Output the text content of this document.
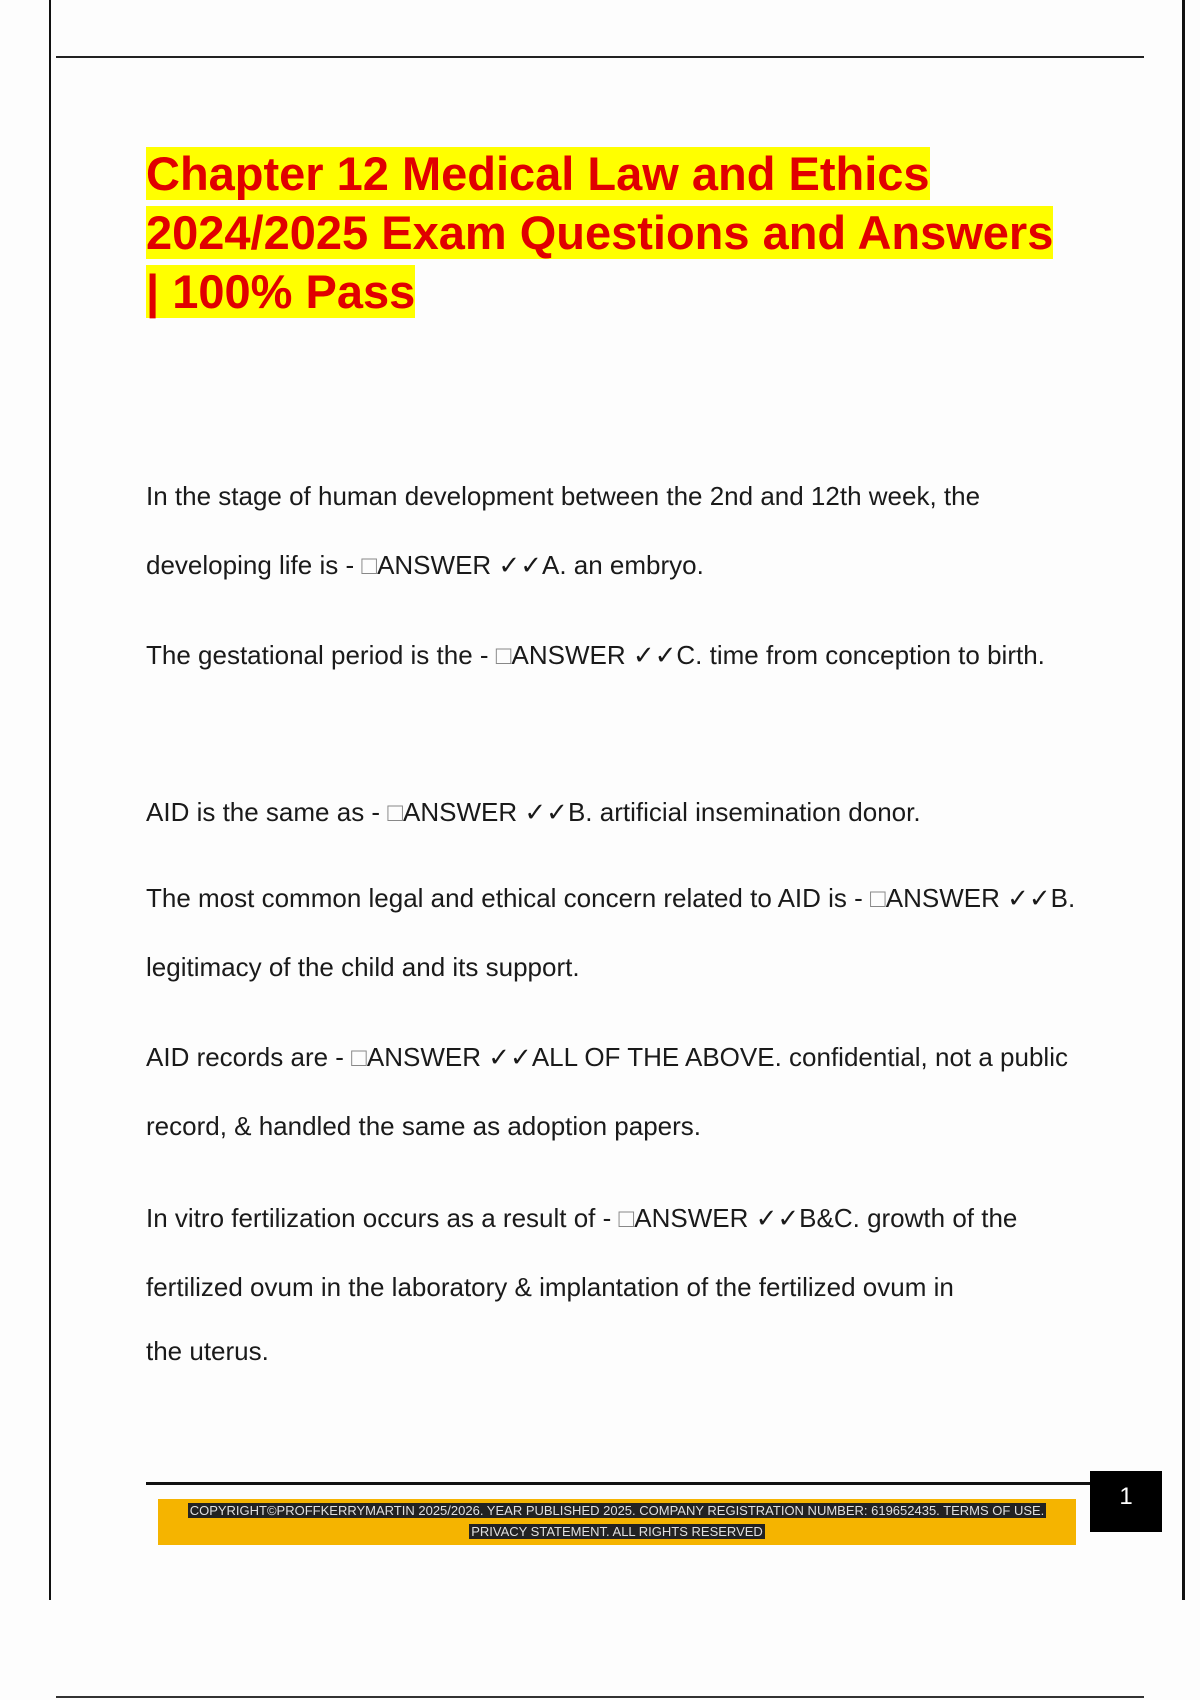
Chapter 12 Medical Law and Ethics
2024/2025 Exam Questions and Answers
| 100% Pass

In the stage of human development between the 2nd and 12th week, the developing life is - □ANSWER ✓✓A. an embryo.

The gestational period is the - □ANSWER ✓✓C. time from conception to birth.

AID is the same as - □ANSWER ✓✓B. artificial insemination donor.

The most common legal and ethical concern related to AID is - □ANSWER ✓✓B. legitimacy of the child and its support.

AID records are - □ANSWER ✓✓ALL OF THE ABOVE. confidential, not a public record, & handled the same as adoption papers.

In vitro fertilization occurs as a result of - □ANSWER ✓✓B&C. growth of the fertilized ovum in the laboratory & implantation of the fertilized ovum in
the uterus.

COPYRIGHT©PROFFKERRYMARTIN 2025/2026. YEAR PUBLISHED 2025. COMPANY REGISTRATION NUMBER: 619652435. TERMS OF USE.
PRIVACY STATEMENT. ALL RIGHTS RESERVED
1
